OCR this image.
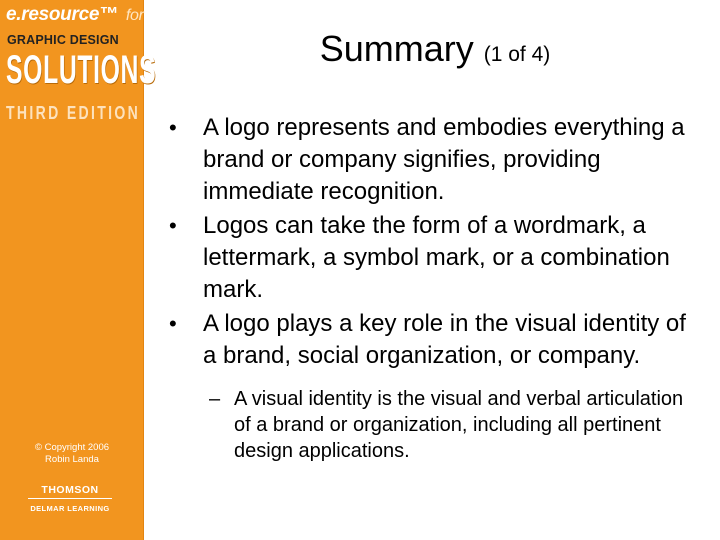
e.resource™ for
GRAPHIC DESIGN
SOLUTIONS
THIRD EDITION
© Copyright 2006
Robin Landa
THOMSON
DELMAR LEARNING
Summary (1 of 4)
• A logo represents and embodies everything a brand or company signifies, providing immediate recognition.
• Logos can take the form of a wordmark, a lettermark, a symbol mark, or a combination mark.
• A logo plays a key role in the visual identity of a brand, social organization, or company.
– A visual identity is the visual and verbal articulation of a brand or organization, including all pertinent design applications.
